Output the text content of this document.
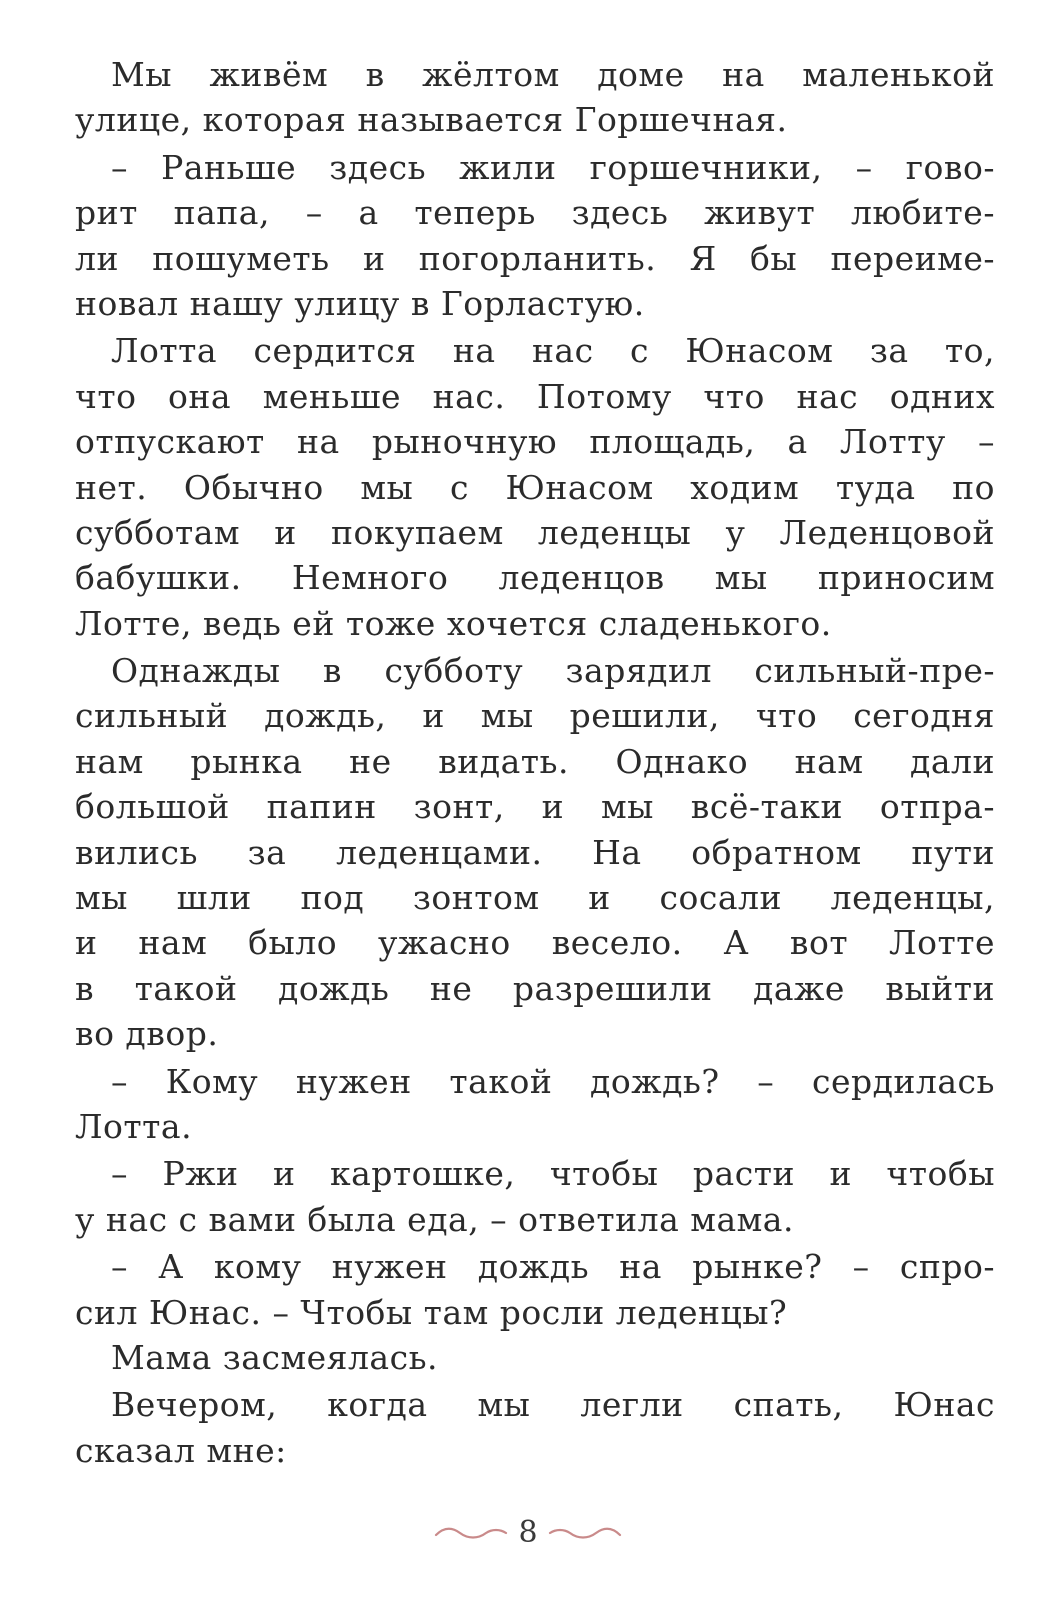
Мы живём в жёлтом доме на маленькой
улице, которая называется Горшечная.
– Раньше здесь жили горшечники, – гово-
рит папа, – а теперь здесь живут любите-
ли пошуметь и погорланить. Я бы переиме-
новал нашу улицу в Горластую.
Лотта сердится на нас с Юнасом за то,
что она меньше нас. Потому что нас одних
отпускают на рыночную площадь, а Лотту –
нет. Обычно мы с Юнасом ходим туда по
субботам и покупаем леденцы у Леденцовой
бабушки. Немного леденцов мы приносим
Лотте, ведь ей тоже хочется сладенького.
Однажды в субботу зарядил сильный-пре-
сильный дождь, и мы решили, что сегодня
нам рынка не видать. Однако нам дали
большой папин зонт, и мы всё-таки отпра-
вились за леденцами. На обратном пути
мы шли под зонтом и сосали леденцы,
и нам было ужасно весело. А вот Лотте
в такой дождь не разрешили даже выйти
во двор.
– Кому нужен такой дождь? – сердилась
Лотта.
– Ржи и картошке, чтобы расти и чтобы
у нас с вами была еда, – ответила мама.
– А кому нужен дождь на рынке? – спро-
сил Юнас. – Чтобы там росли леденцы?
Мама засмеялась.
Вечером, когда мы легли спать, Юнас
сказал мне:
8
